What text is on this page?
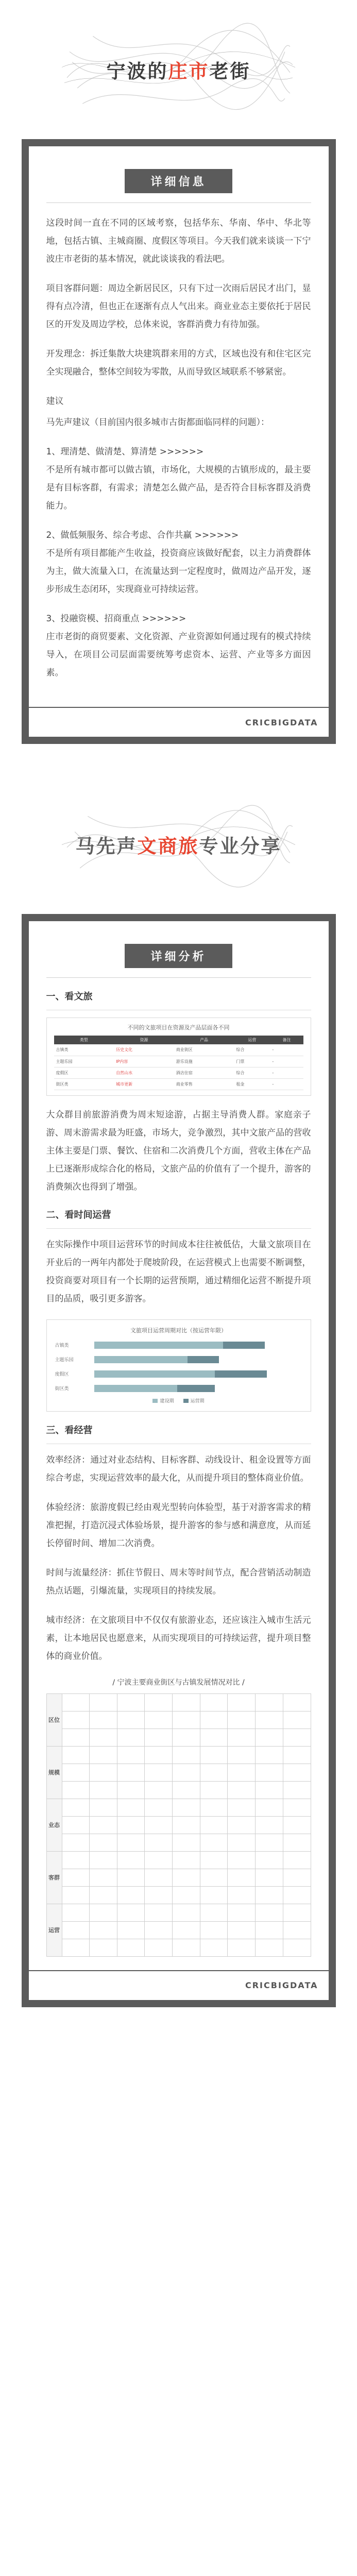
宁波的庄市老街
详细信息
这段时间一直在不同的区域考察，包括华东、华南、华中、华北等地，包括古镇、主城商圈、度假区等项目。今天我们就来谈谈一下宁波庄市老街的基本情况，就此谈谈我的看法吧。
项目客群问题：周边全新居民区，只有下过一次雨后居民才出门，显得有点冷清，但也正在逐渐有点人气出来。商业业态主要依托于居民区的开发及周边学校，总体来说，客群消费力有待加强。
开发理念：拆迁集散大块建筑群来用的方式，区域也没有和住宅区完全实现融合，整体空间较为零散，从而导致区域联系不够紧密。
建议
马先声建议（目前国内很多城市古街都面临同样的问题）：
1、理清楚、做清楚、算清楚 >>>>>>
不是所有城市都可以做古镇，市场化，大规模的古镇形成的，最主要是有目标客群，有需求；清楚怎么做产品，是否符合目标客群及消费能力。
2、做低频服务、综合考虑、合作共赢 >>>>>>
不是所有项目都能产生收益，投资商应该做好配套，以主力消费群体为主，做大流量入口，在流量达到一定程度时，做周边产品开发，逐步形成生态闭环，实现商业可持续运营。
3、投融资模、招商重点 >>>>>>
庄市老街的商贸要素、文化资源、产业资源如何通过现有的模式持续导入，在项目公司层面需要统筹考虑资本、运营、产业等多方面因素。
CRICBIGDATA
马先声文商旅专业分享
详细分析
一、看文旅
不同的文旅项目在资源及产品层面各不同
类型	资源	产品	运营	备注
古镇类	历史文化	商业街区	综合	-
主题乐园	IP内容	游乐设施	门票	-
度假区	自然山水	酒店住宿	综合	-
街区类	城市更新	商业零售	租金	-
大众群目前旅游消费为周末短途游，占据主导消费人群。家庭亲子游、周末游需求最为旺盛，市场大，竞争激烈，其中文旅产品的营收主体主要是门票、餐饮、住宿和二次消费几个方面，营收主体在产品上已逐渐形成综合化的格局，文旅产品的价值有了一个提升，游客的消费频次也得到了增强。
二、看时间运营
在实际操作中项目运营环节的时间成本往往被低估，大量文旅项目在开业后的一两年内都处于爬坡阶段，在运营模式上也需要不断调整，投资商要对项目有一个长期的运营预期，通过精细化运营不断提升项目的品质，吸引更多游客。
文旅项目运营周期对比（按运营年限）
古镇类
主题乐园
度假区
街区类
建设期	运营期
三、看经营
效率经济：通过对业态结构、目标客群、动线设计、租金设置等方面综合考虑，实现运营效率的最大化，从而提升项目的整体商业价值。
体验经济：旅游度假已经由观光型转向体验型，基于对游客需求的精准把握，打造沉浸式体验场景，提升游客的参与感和满意度，从而延长停留时间、增加二次消费。
时间与流量经济：抓住节假日、周末等时间节点，配合营销活动制造热点话题，引爆流量，实现项目的持续发展。
城市经济：在文旅项目中不仅仅有旅游业态，还应该注入城市生活元素，让本地居民也愿意来，从而实现项目的可持续运营，提升项目整体的商业价值。
/ 宁波主要商业街区与古镇发展情况对比 /
区位									

规模									

业态									

客群									

运营									

CRICBIGDATA
